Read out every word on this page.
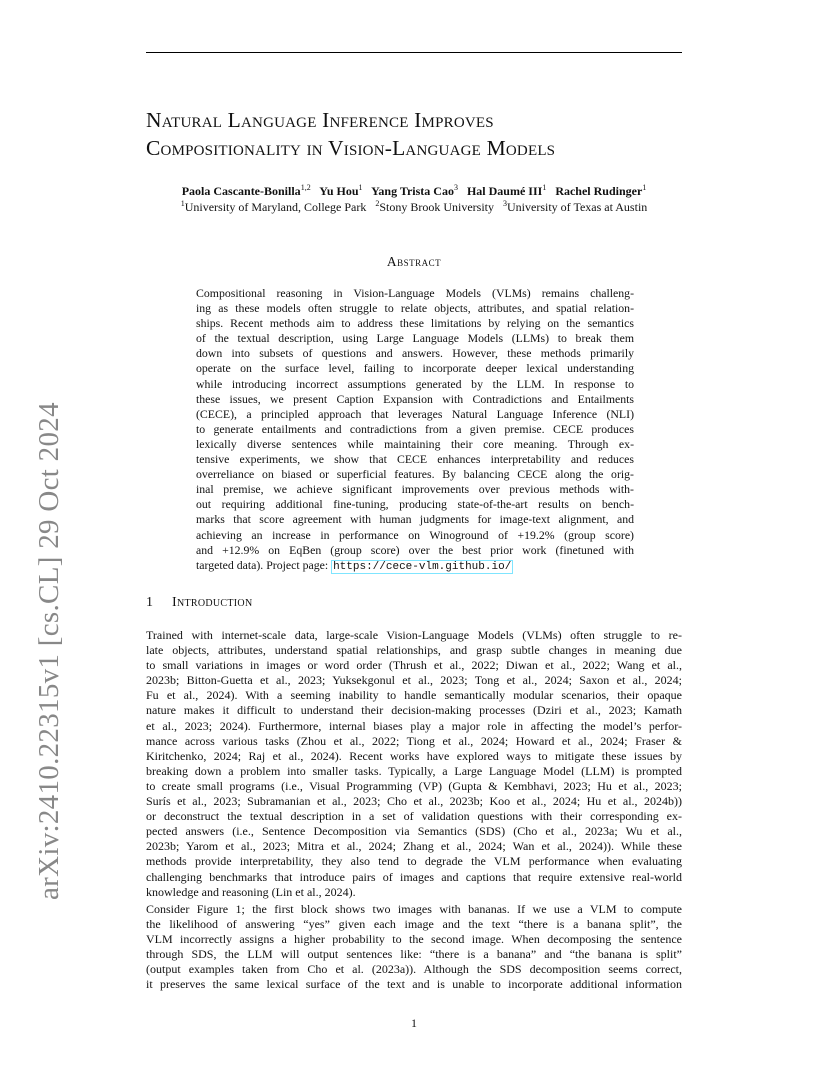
arXiv:2410.22315v1 [cs.CL] 29 Oct 2024
Natural Language Inference Improves
Compositionality in Vision-Language Models
Paola Cascante-Bonilla$^{1,2}$ Yu Hou$^1$ Yang Trista Cao$^3$ Hal Daumé III$^1$ Rachel Rudinger$^1$
$^1$University of Maryland, College Park $^2$Stony Brook University $^3$University of Texas at Austin
Abstract
Compositional reasoning in Vision-Language Models (VLMs) remains challeng-
ing as these models often struggle to relate objects, attributes, and spatial relation-
ships. Recent methods aim to address these limitations by relying on the semantics
of the textual description, using Large Language Models (LLMs) to break them
down into subsets of questions and answers. However, these methods primarily
operate on the surface level, failing to incorporate deeper lexical understanding
while introducing incorrect assumptions generated by the LLM. In response to
these issues, we present Caption Expansion with Contradictions and Entailments
(CECE), a principled approach that leverages Natural Language Inference (NLI)
to generate entailments and contradictions from a given premise. CECE produces
lexically diverse sentences while maintaining their core meaning. Through ex-
tensive experiments, we show that CECE enhances interpretability and reduces
overreliance on biased or superficial features. By balancing CECE along the orig-
inal premise, we achieve significant improvements over previous methods with-
out requiring additional fine-tuning, producing state-of-the-art results on bench-
marks that score agreement with human judgments for image-text alignment, and
achieving an increase in performance on Winoground of +19.2% (group score)
and +12.9% on EqBen (group score) over the best prior work (finetuned with
targeted data). Project page: https://cece-vlm.github.io/
1 Introduction
Trained with internet-scale data, large-scale Vision-Language Models (VLMs) often struggle to re-
late objects, attributes, understand spatial relationships, and grasp subtle changes in meaning due
to small variations in images or word order (Thrush et al., 2022; Diwan et al., 2022; Wang et al.,
2023b; Bitton-Guetta et al., 2023; Yuksekgonul et al., 2023; Tong et al., 2024; Saxon et al., 2024;
Fu et al., 2024). With a seeming inability to handle semantically modular scenarios, their opaque
nature makes it difficult to understand their decision-making processes (Dziri et al., 2023; Kamath
et al., 2023; 2024). Furthermore, internal biases play a major role in affecting the model’s perfor-
mance across various tasks (Zhou et al., 2022; Tiong et al., 2024; Howard et al., 2024; Fraser &
Kiritchenko, 2024; Raj et al., 2024). Recent works have explored ways to mitigate these issues by
breaking down a problem into smaller tasks. Typically, a Large Language Model (LLM) is prompted
to create small programs (i.e., Visual Programming (VP) (Gupta & Kembhavi, 2023; Hu et al., 2023;
Surís et al., 2023; Subramanian et al., 2023; Cho et al., 2023b; Koo et al., 2024; Hu et al., 2024b))
or deconstruct the textual description in a set of validation questions with their corresponding ex-
pected answers (i.e., Sentence Decomposition via Semantics (SDS) (Cho et al., 2023a; Wu et al.,
2023b; Yarom et al., 2023; Mitra et al., 2024; Zhang et al., 2024; Wan et al., 2024)). While these
methods provide interpretability, they also tend to degrade the VLM performance when evaluating
challenging benchmarks that introduce pairs of images and captions that require extensive real-world
knowledge and reasoning (Lin et al., 2024).
Consider Figure 1; the first block shows two images with bananas. If we use a VLM to compute
the likelihood of answering “yes” given each image and the text “there is a banana split”, the
VLM incorrectly assigns a higher probability to the second image. When decomposing the sentence
through SDS, the LLM will output sentences like: “there is a banana” and “the banana is split”
(output examples taken from Cho et al. (2023a)). Although the SDS decomposition seems correct,
it preserves the same lexical surface of the text and is unable to incorporate additional information
1
